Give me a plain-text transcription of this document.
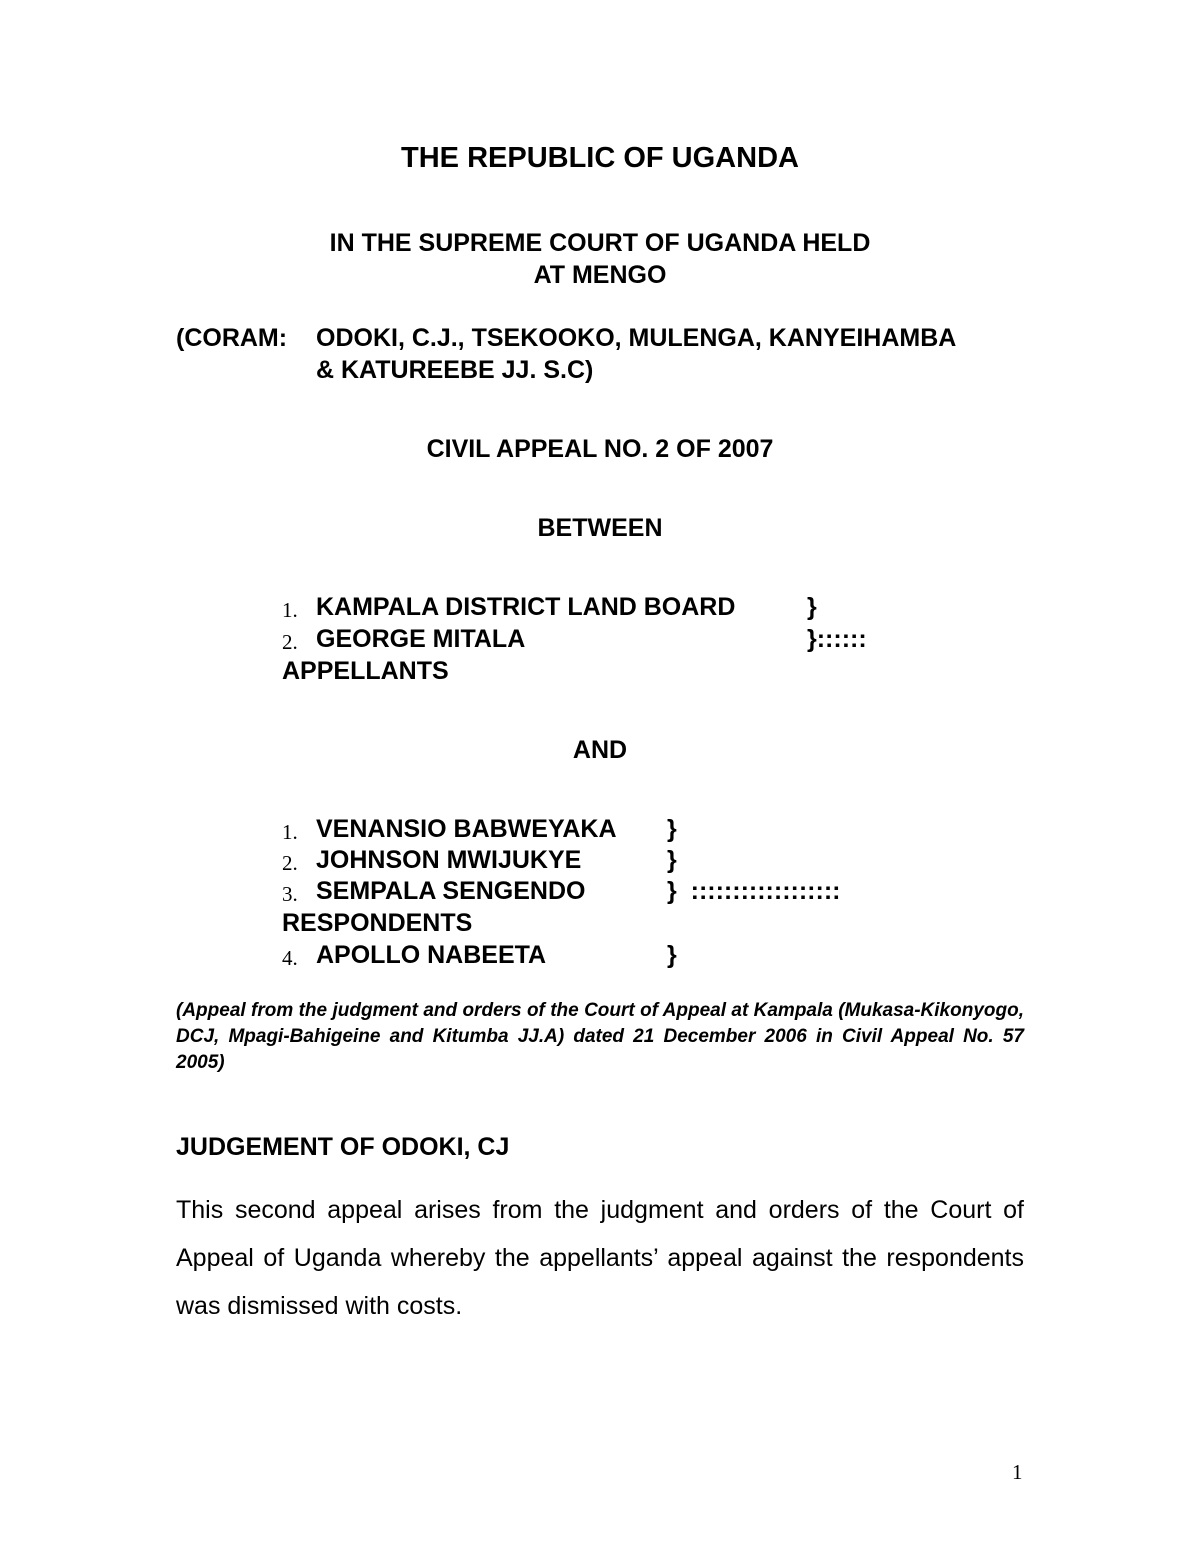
THE REPUBLIC OF UGANDA
IN THE SUPREME COURT OF UGANDA HELD
AT MENGO
(CORAM: ODOKI, C.J., TSEKOOKO, MULENGA, KANYEIHAMBA
& KATUREEBE JJ. S.C)
CIVIL APPEAL NO. 2 OF 2007
BETWEEN
1. KAMPALA DISTRICT LAND BOARD	}
2. GEORGE MITALA	}::::::
APPELLANTS
AND
1. VENANSIO BABWEYAKA }
2. JOHNSON MWIJUKYE	}
3. SEMPALA SENGENDO	}  ::::::::::::::::::
RESPONDENTS
4. APOLLO NABEETA	}
(Appeal from the judgment and orders of the Court of Appeal at Kampala (Mukasa-Kikonyogo, DCJ, Mpagi-Bahigeine and Kitumba JJ.A) dated 21 December 2006 in Civil Appeal No. 57 2005)
JUDGEMENT OF ODOKI, CJ
This second appeal arises from the judgment and orders of the Court of Appeal of Uganda whereby the appellants’ appeal against the respondents was dismissed with costs.
1
